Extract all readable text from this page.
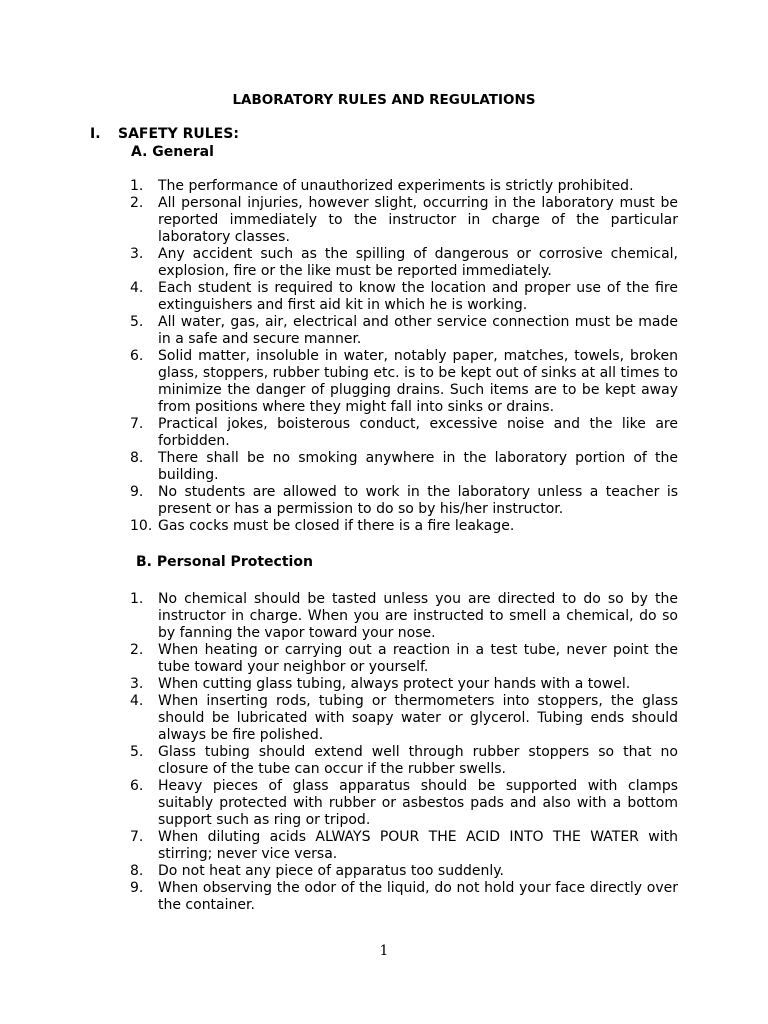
LABORATORY RULES AND REGULATIONS
I.	SAFETY RULES:
A. General
1.	The performance of unauthorized experiments is strictly prohibited.
2.	All personal injuries, however slight, occurring in the laboratory must be reported immediately to the instructor in charge of the particular laboratory classes.
3.	Any accident such as the spilling of dangerous or corrosive chemical, explosion, fire or the like must be reported immediately.
4.	Each student is required to know the location and proper use of the fire extinguishers and first aid kit in which he is working.
5.	All water, gas, air, electrical and other service connection must be made in a safe and secure manner.
6.	Solid matter, insoluble in water, notably paper, matches, towels, broken glass, stoppers, rubber tubing etc. is to be kept out of sinks at all times to minimize the danger of plugging drains. Such items are to be kept away from positions where they might fall into sinks or drains.
7.	Practical jokes, boisterous conduct, excessive noise and the like are forbidden.
8.	There shall be no smoking anywhere in the laboratory portion of the building.
9.	No students are allowed to work in the laboratory unless a teacher is present or has a permission to do so by his/her instructor.
10. Gas cocks must be closed if there is a fire leakage.
B. Personal Protection
1.	No chemical should be tasted unless you are directed to do so by the instructor in charge. When you are instructed to smell a chemical, do so by fanning the vapor toward your nose.
2.	When heating or carrying out a reaction in a test tube, never point the tube toward your neighbor or yourself.
3.	When cutting glass tubing, always protect your hands with a towel.
4.	When inserting rods, tubing or thermometers into stoppers, the glass should be lubricated with soapy water or glycerol. Tubing ends should always be fire polished.
5.	Glass tubing should extend well through rubber stoppers so that no closure of the tube can occur if the rubber swells.
6.	Heavy pieces of glass apparatus should be supported with clamps suitably protected with rubber or asbestos pads and also with a bottom support such as ring or tripod.
7.	When diluting acids ALWAYS POUR THE ACID INTO THE WATER with stirring; never vice versa.
8.	Do not heat any piece of apparatus too suddenly.
9.	When observing the odor of the liquid, do not hold your face directly over the container.
1
